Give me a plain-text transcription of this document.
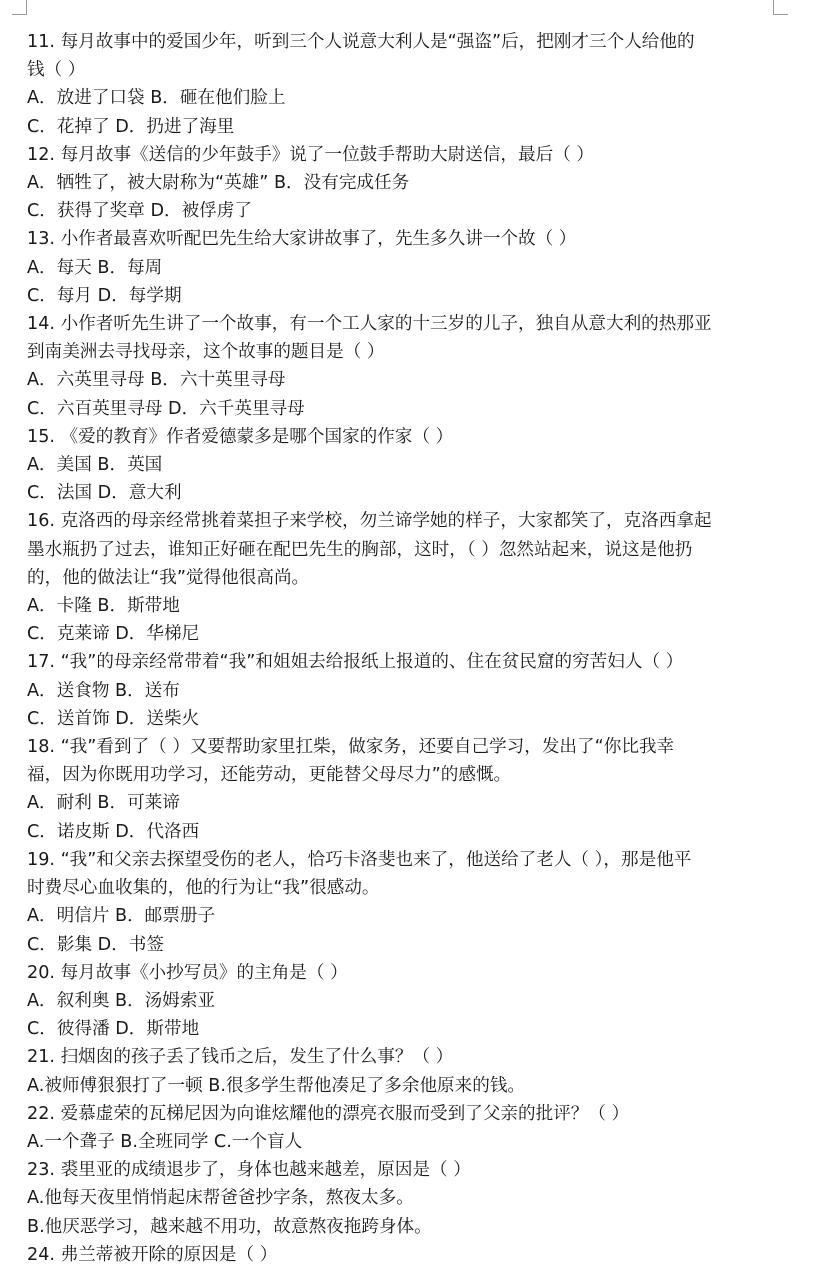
11. 每月故事中的爱国少年，听到三个人说意大利人是“强盗”后，把刚才三个人给他的
钱（ ）
A．放进了口袋 B．砸在他们脸上
C．花掉了 D．扔进了海里
12. 每月故事《送信的少年鼓手》说了一位鼓手帮助大尉送信，最后（ ）
A．牺牲了，被大尉称为“英雄” B．没有完成任务
C．获得了奖章 D．被俘虏了
13. 小作者最喜欢听配巴先生给大家讲故事了，先生多久讲一个故（ ）
A．每天 B．每周
C．每月 D．每学期
14. 小作者听先生讲了一个故事，有一个工人家的十三岁的儿子，独自从意大利的热那亚
到南美洲去寻找母亲，这个故事的题目是（ ）
A．六英里寻母 B．六十英里寻母
C．六百英里寻母 D．六千英里寻母
15. 《爱的教育》作者爱德蒙多是哪个国家的作家（ ）
A．美国 B．英国
C．法国 D．意大利
16. 克洛西的母亲经常挑着菜担子来学校，勿兰谛学她的样子，大家都笑了，克洛西拿起
墨水瓶扔了过去，谁知正好砸在配巴先生的胸部，这时，（ ）忽然站起来，说这是他扔
的，他的做法让“我”觉得他很高尚。
A．卡隆 B．斯带地
C．克莱谛 D．华梯尼
17. “我”的母亲经常带着“我”和姐姐去给报纸上报道的、住在贫民窟的穷苦妇人（ ）
A．送食物 B．送布
C．送首饰 D．送柴火
18. “我”看到了（ ）又要帮助家里扛柴，做家务，还要自己学习，发出了“你比我幸
福，因为你既用功学习，还能劳动，更能替父母尽力”的感慨。
A．耐利 B．可莱谛
C．诺皮斯 D．代洛西
19. “我”和父亲去探望受伤的老人，恰巧卡洛斐也来了，他送给了老人（ ），那是他平
时费尽心血收集的，他的行为让“我”很感动。
A．明信片 B．邮票册子
C．影集 D．书签
20. 每月故事《小抄写员》的主角是（ ）
A．叙利奥 B．汤姆索亚
C．彼得潘 D．斯带地
21. 扫烟囱的孩子丢了钱币之后，发生了什么事？（ ）
A.被师傅狠狠打了一顿 B.很多学生帮他凑足了多余他原来的钱。
22. 爱慕虚荣的瓦梯尼因为向谁炫耀他的漂亮衣服而受到了父亲的批评？（ ）
A.一个聋子 B.全班同学 C.一个盲人
23. 裘里亚的成绩退步了，身体也越来越差，原因是（ ）
A.他每天夜里悄悄起床帮爸爸抄字条，熬夜太多。
B.他厌恶学习，越来越不用功，故意熬夜拖跨身体。
24. 弗兰蒂被开除的原因是（ ）
